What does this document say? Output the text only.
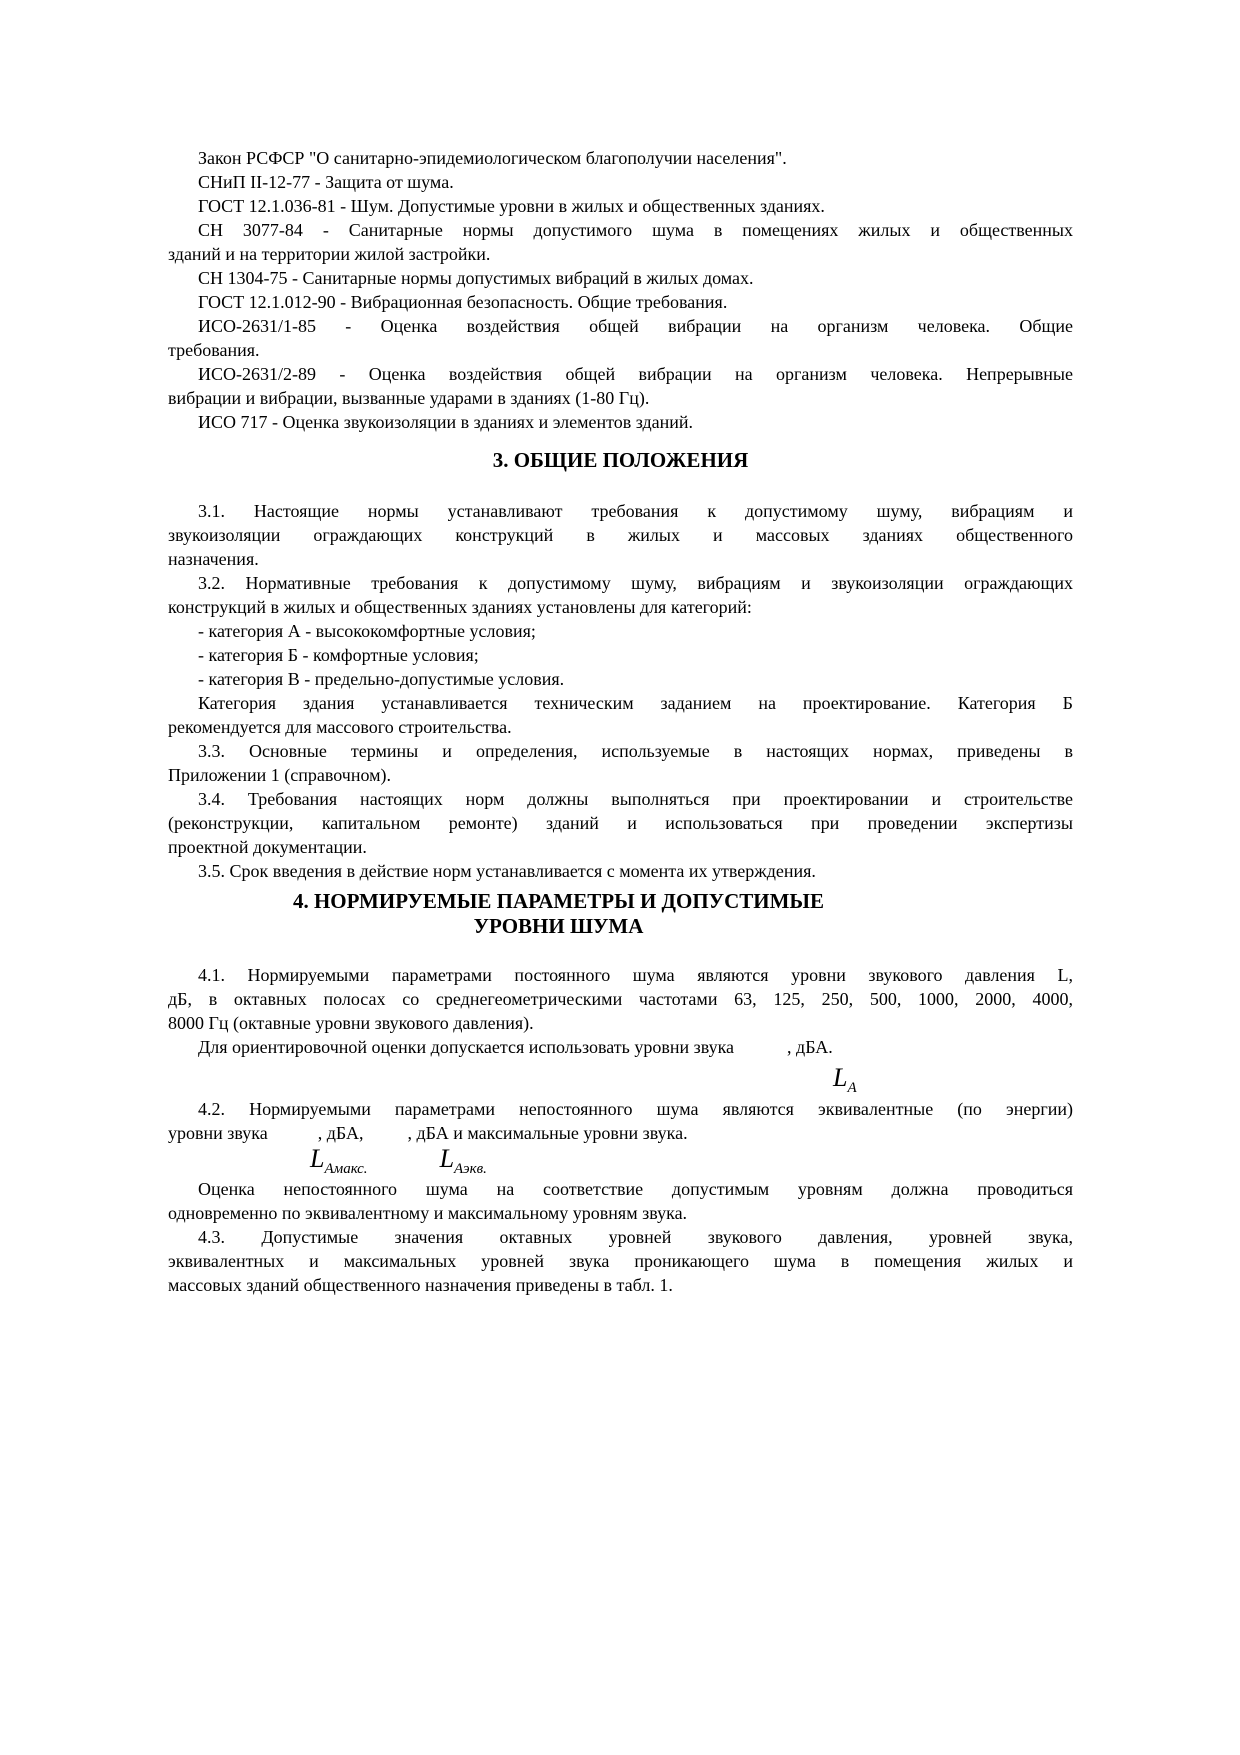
Закон РСФСР "О санитарно-эпидемиологическом благополучии населения".
СНиП II-12-77 - Защита от шума.
ГОСТ 12.1.036-81 - Шум. Допустимые уровни в жилых и общественных зданиях.
СН 3077-84 - Санитарные нормы допустимого шума в помещениях жилых и общественных
зданий и на территории жилой застройки.
СН 1304-75 - Санитарные нормы допустимых вибраций в жилых домах.
ГОСТ 12.1.012-90 - Вибрационная безопасность. Общие требования.
ИСО-2631/1-85 - Оценка воздействия общей вибрации на организм человека. Общие
требования.
ИСО-2631/2-89 - Оценка воздействия общей вибрации на организм человека. Непрерывные
вибрации и вибрации, вызванные ударами в зданиях (1-80 Гц).
ИСО 717 - Оценка звукоизоляции в зданиях и элементов зданий.
3. ОБЩИЕ ПОЛОЖЕНИЯ
3.1. Настоящие нормы устанавливают требования к допустимому шуму, вибрациям и
звукоизоляции ограждающих конструкций в жилых и массовых зданиях общественного
назначения.
3.2. Нормативные требования к допустимому шуму, вибрациям и звукоизоляции ограждающих
конструкций в жилых и общественных зданиях установлены для категорий:
- категория А - высококомфортные условия;
- категория Б - комфортные условия;
- категория В - предельно-допустимые условия.
Категория здания устанавливается техническим заданием на проектирование. Категория Б
рекомендуется для массового строительства.
3.3. Основные термины и определения, используемые в настоящих нормах, приведены в
Приложении 1 (справочном).
3.4. Требования настоящих норм должны выполняться при проектировании и строительстве
(реконструкции, капитальном ремонте) зданий и использоваться при проведении экспертизы
проектной документации.
3.5. Срок введения в действие норм устанавливается с момента их утверждения.
4. НОРМИРУЕМЫЕ ПАРАМЕТРЫ И ДОПУСТИМЫЕ
УРОВНИ ШУМА
4.1. Нормируемыми параметрами постоянного шума являются уровни звукового давления L,
дБ, в октавных полосах со среднегеометрическими частотами 63, 125, 250, 500, 1000, 2000, 4000,
8000 Гц (октавные уровни звукового давления).
Для ориентировочной оценки допускается использовать уровни звука	, дБА.
$L_A$
4.2. Нормируемыми параметрами непостоянного шума являются эквивалентные (по энергии)
уровни звука	, дБА, , дБА и максимальные уровни звука.
$L_{Амакс.}$	$L_{Аэкв.}$
Оценка непостоянного шума на соответствие допустимым уровням должна проводиться
одновременно по эквивалентному и максимальному уровням звука.
4.3. Допустимые значения октавных уровней звукового давления, уровней звука,
эквивалентных и максимальных уровней звука проникающего шума в помещения жилых и
массовых зданий общественного назначения приведены в табл. 1.
